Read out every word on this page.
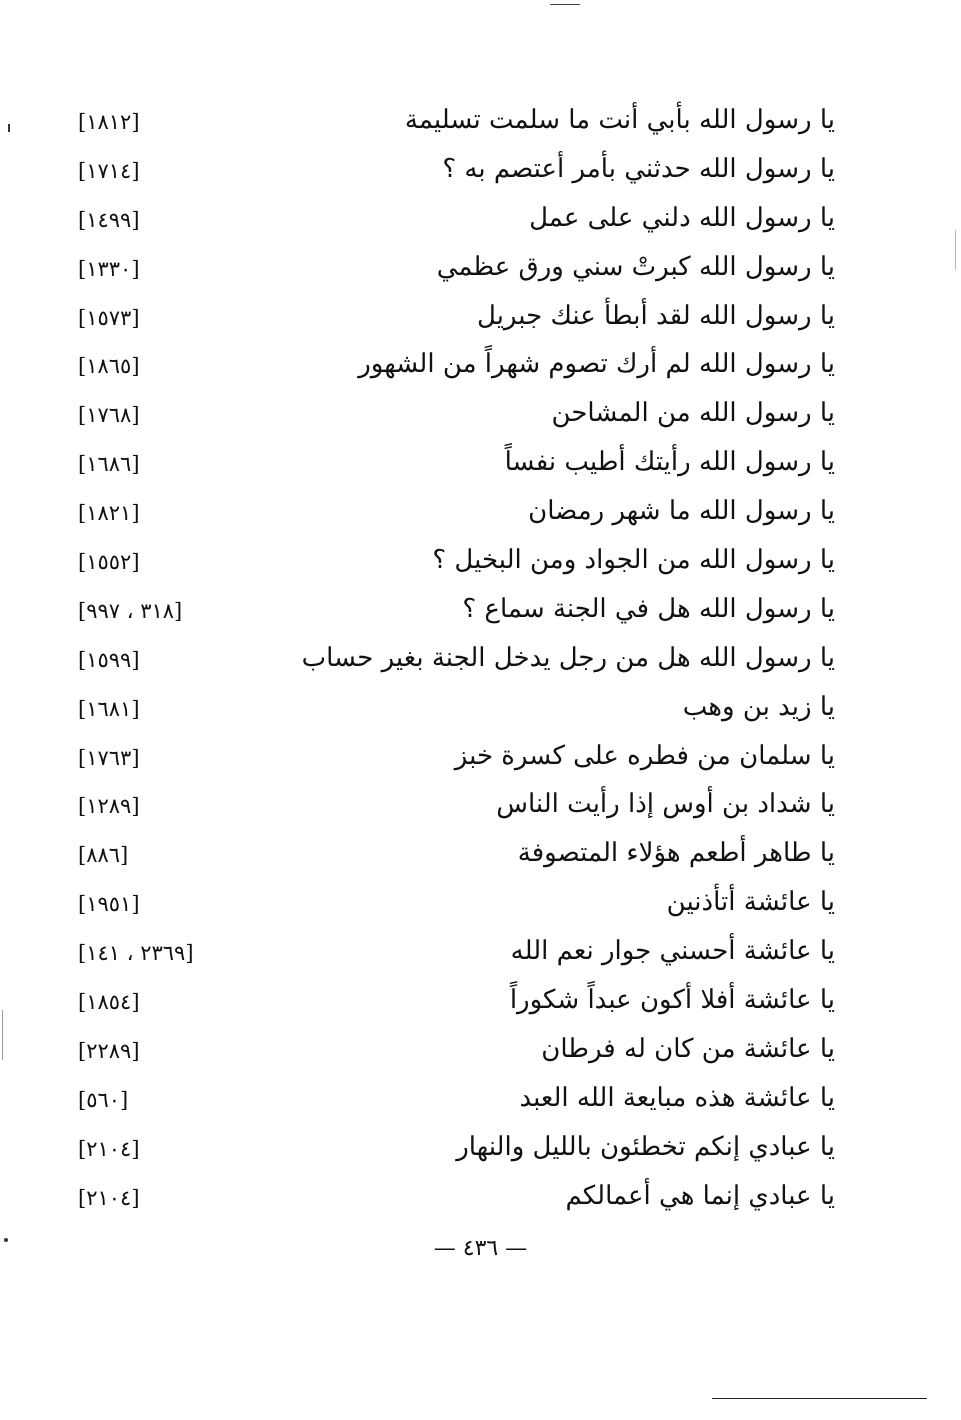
يا رسول الله بأبي أنت ما سلمت تسليمة
[١٨١٢]
يا رسول الله حدثني بأمر أعتصم به ؟
[١٧١٤]
يا رسول الله دلني على عمل
[١٤٩٩]
يا رسول الله كبرتْ سني ورق عظمي
[١٣٣٠]
يا رسول الله لقد أبطأ عنك جبريل
[١٥٧٣]
يا رسول الله لم أرك تصوم شهراً من الشهور
[١٨٦٥]
يا رسول الله من المشاحن
[١٧٦٨]
يا رسول الله رأيتك أطيب نفساً
[١٦٨٦]
يا رسول الله ما شهر رمضان
[١٨٢١]
يا رسول الله من الجواد ومن البخيل ؟
[١٥٥٢]
يا رسول الله هل في الجنة سماع ؟
[٣١٨ ، ٩٩٧]
يا رسول الله هل من رجل يدخل الجنة بغير حساب
[١٥٩٩]
يا زيد بن وهب
[١٦٨١]
يا سلمان من فطره على كسرة خبز
[١٧٦٣]
يا شداد بن أوس إذا رأيت الناس
[١٢٨٩]
يا طاهر أطعم هؤلاء المتصوفة
[٨٨٦]
يا عائشة أتأذنين
[١٩٥١]
يا عائشة أحسني جوار نعم الله
[٢٣٦٩ ، ١٤١]
يا عائشة أفلا أكون عبداً شكوراً
[١٨٥٤]
يا عائشة من كان له فرطان
[٢٢٨٩]
يا عائشة هذه مبايعة الله العبد
[٥٦٠]
يا عبادي إنكم تخطئون بالليل والنهار
[٢١٠٤]
يا عبادي إنما هي أعمالكم
[٢١٠٤]
— ٤٣٦ —
